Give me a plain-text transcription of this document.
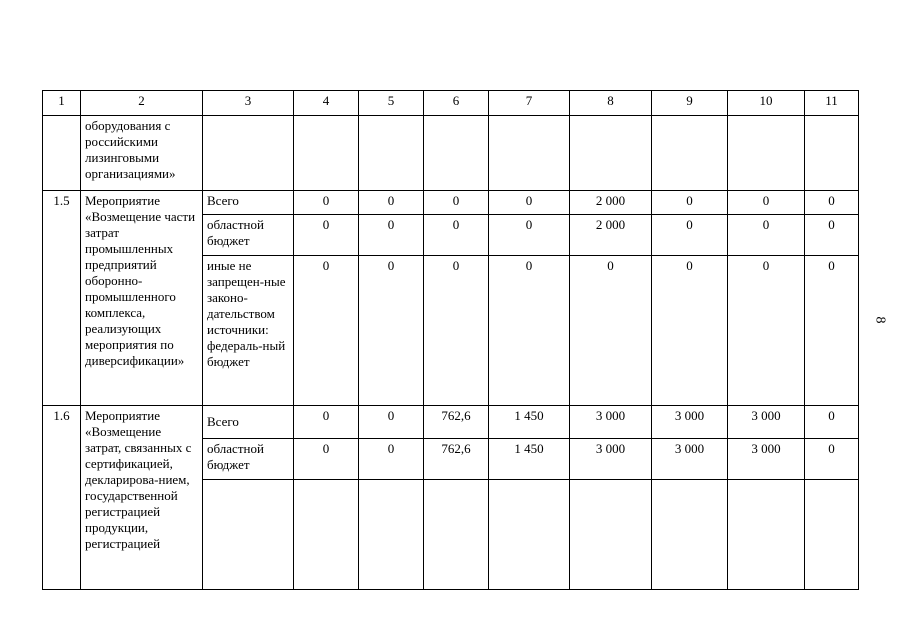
1	2	3	4	5	6	7	8	9	10	11
	оборудования с российскими лизинговыми организациями»									
1.5	Мероприятие «Возмещение части затрат промышленных предприятий оборонно-промышленного комплекса, реализующих мероприятия по диверсификации»	Всего	0	0	0	0	2 000	0	0	0
		областной бюджет	0	0	0	0	2 000	0	0	0
		иные не запрещен-ные законо-дательством источники: федераль-ный бюджет	0	0	0	0	0	0	0	0
1.6	Мероприятие «Возмещение затрат, связанных с сертификацией, декларирова-нием, государственной регистрацией продукции, регистрацией	Всего	0	0	762,6	1 450	3 000	3 000	3 000	0
		областной бюджет	0	0	762,6	1 450	3 000	3 000	3 000	0

8
